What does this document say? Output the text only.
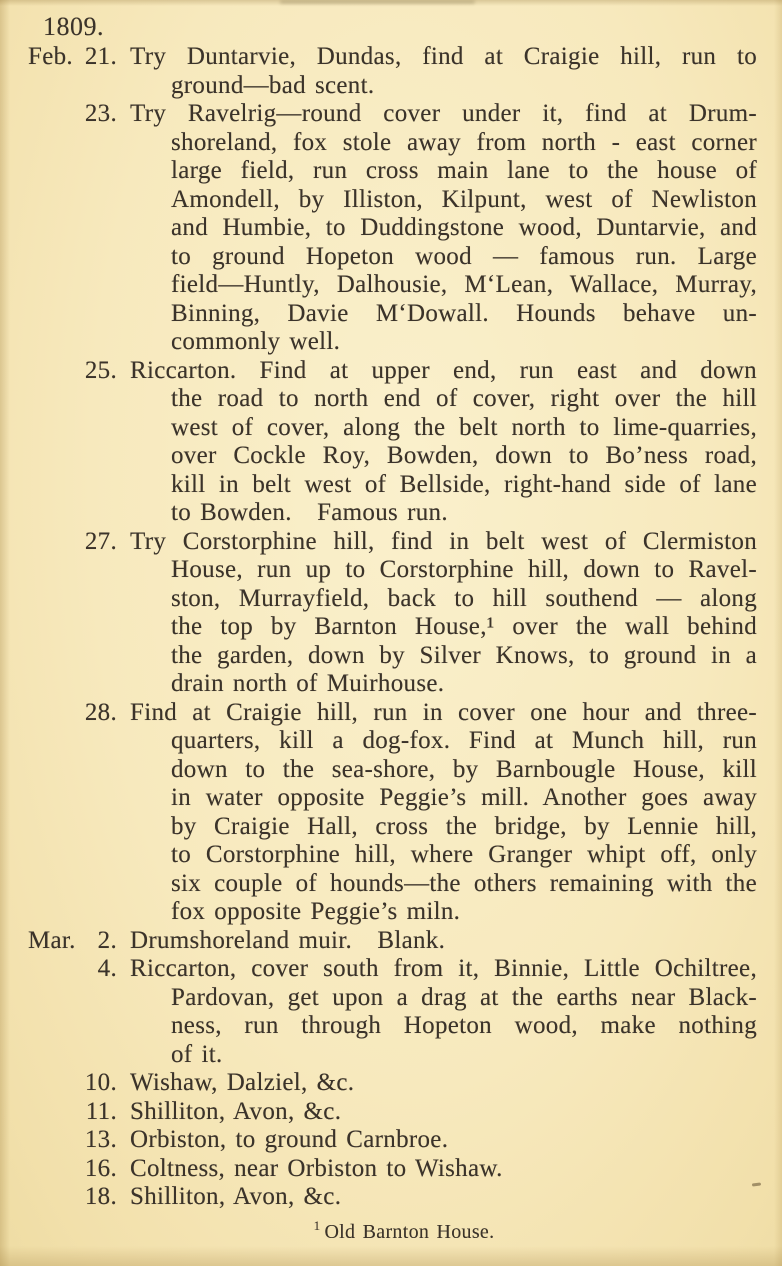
1809.
Feb. 21. Try Duntarvie, Dundas, find at Craigie hill, run to
ground—bad scent.
23. Try Ravelrig—round cover under it, find at Drum-
shoreland, fox stole away from north - east corner
large field, run cross main lane to the house of
Amondell, by Illiston, Kilpunt, west of Newliston
and Humbie, to Duddingstone wood, Duntarvie, and
to ground Hopeton wood — famous run. Large
field—Huntly, Dalhousie, M‘Lean, Wallace, Murray,
Binning, Davie M‘Dowall. Hounds behave un-
commonly well.
25. Riccarton. Find at upper end, run east and down
the road to north end of cover, right over the hill
west of cover, along the belt north to lime-quarries,
over Cockle Roy, Bowden, down to Bo’ness road,
kill in belt west of Bellside, right-hand side of lane
to Bowden. Famous run.
27. Try Corstorphine hill, find in belt west of Clermiston
House, run up to Corstorphine hill, down to Ravel-
ston, Murrayfield, back to hill southend — along
the top by Barnton House,¹ over the wall behind
the garden, down by Silver Knows, to ground in a
drain north of Muirhouse.
28. Find at Craigie hill, run in cover one hour and three-
quarters, kill a dog-fox. Find at Munch hill, run
down to the sea-shore, by Barnbougle House, kill
in water opposite Peggie’s mill. Another goes away
by Craigie Hall, cross the bridge, by Lennie hill,
to Corstorphine hill, where Granger whipt off, only
six couple of hounds—the others remaining with the
fox opposite Peggie’s miln.
Mar. 2. Drumshoreland muir. Blank.
4. Riccarton, cover south from it, Binnie, Little Ochiltree,
Pardovan, get upon a drag at the earths near Black-
ness, run through Hopeton wood, make nothing
of it.
10. Wishaw, Dalziel, &c.
11. Shilliton, Avon, &c.
13. Orbiston, to ground Carnbroe.
16. Coltness, near Orbiston to Wishaw.
18. Shilliton, Avon, &c.
$^1$ Old Barnton House.
